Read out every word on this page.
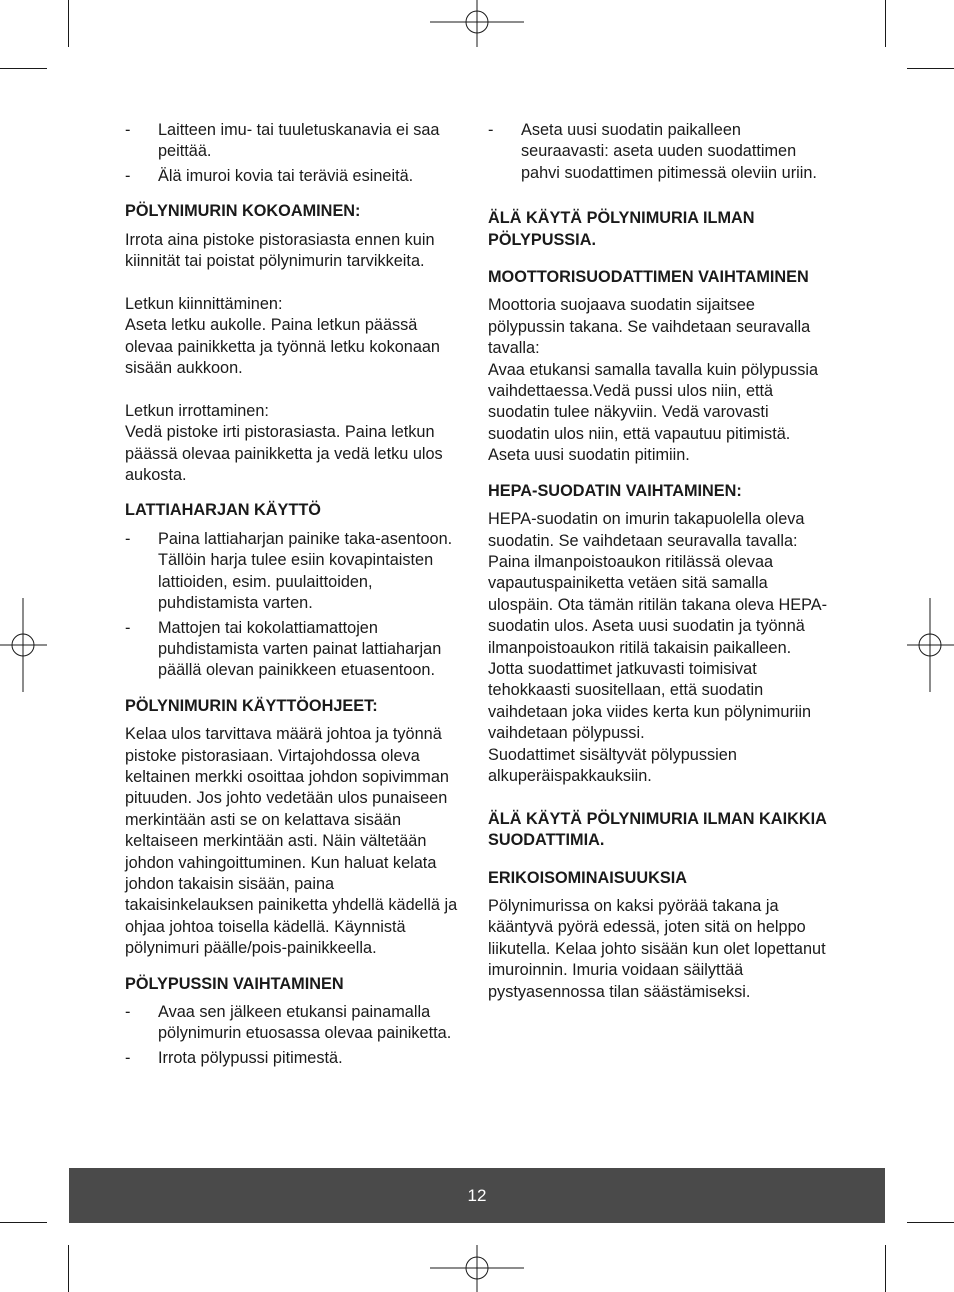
- Laitteen imu- tai tuuletuskanavia ei saa peittää.
- Älä imuroi kovia tai teräviä esineitä.

PÖLYNIMURIN KOKOAMINEN:

Irrota aina pistoke pistorasiasta ennen kuin kiinnität tai poistat pölynimurin tarvikkeita.

Letkun kiinnittäminen:

Aseta letku aukolle. Paina letkun päässä olevaa painikketta ja työnnä letku kokonaan sisään aukkoon.

Letkun irrottaminen:

Vedä pistoke irti pistorasiasta. Paina letkun päässä olevaa painikketta ja vedä letku ulos aukosta.

LATTIAHARJAN KÄYTTÖ

- Paina lattiaharjan painike taka-asentoon. Tällöin harja tulee esiin kovapintaisten lattioiden, esim. puulaittoiden, puhdistamista varten.
- Mattojen tai kokolattiamattojen puhdistamista varten painat lattiaharjan päällä olevan painikkeen etuasentoon.

PÖLYNIMURIN KÄYTTÖOHJEET:

Kelaa ulos tarvittava määrä johtoa ja työnnä pistoke pistorasiaan. Virtajohdossa oleva keltainen merkki osoittaa johdon sopivimman pituuden. Jos johto vedetään ulos punaiseen merkintään asti se on kelattava sisään keltaiseen merkintään asti. Näin vältetään johdon vahingoittuminen. Kun haluat kelata johdon takaisin sisään, paina takaisinkelauksen painiketta yhdellä kädellä ja ohjaa johtoa toisella kädellä. Käynnistä pölynimuri päälle/pois-painikkeella.

PÖLYPUSSIN VAIHTAMINEN

- Avaa sen jälkeen etukansi painamalla pölynimurin etuosassa olevaa painiketta.
- Irrota pölypussi pitimestä.
- Aseta uusi suodatin paikalleen seuraavasti: aseta uuden suodattimen pahvi suodattimen pitimessä oleviin uriin.

ÄLÄ KÄYTÄ PÖLYNIMURIA ILMAN PÖLYPUSSIA.

MOOTTORISUODATTIMEN VAIHTAMINEN

Moottoria suojaava suodatin sijaitsee pölypussin takana. Se vaihdetaan seuravalla tavalla:

Avaa etukansi samalla tavalla kuin pölypussia vaihdettaessa.Vedä pussi ulos niin, että suodatin tulee näkyviin. Vedä varovasti suodatin ulos niin, että vapautuu pitimistä. Aseta uusi suodatin pitimiin.

HEPA-SUODATIN VAIHTAMINEN:

HEPA-suodatin on imurin takapuolella oleva suodatin. Se vaihdetaan seuravalla tavalla:

Paina ilmanpoistoaukon ritilässä olevaa vapautuspainiketta vetäen sitä samalla ulospäin. Ota tämän ritilän takana oleva HEPA-suodatin ulos. Aseta uusi suodatin ja työnnä ilmanpoistoaukon ritilä takaisin paikalleen.

Jotta suodattimet jatkuvasti toimisivat tehokkaasti suositellaan, että suodatin vaihdetaan joka viides kerta kun pölynimuriin vaihdetaan pölypussi.

Suodattimet sisältyvät pölypussien alkuperäispakkauksiin.

ÄLÄ KÄYTÄ PÖLYNIMURIA ILMAN KAIKKIA SUODATTIMIA.

ERIKOISOMINAISUUKSIA

Pölynimurissa on kaksi pyörää takana ja kääntyvä pyörä edessä, joten sitä on helppo liikutella. Kelaa johto sisään kun olet lopettanut imuroinnin. Imuria voidaan säilyttää pystyasennossa tilan säästämiseksi.

12
